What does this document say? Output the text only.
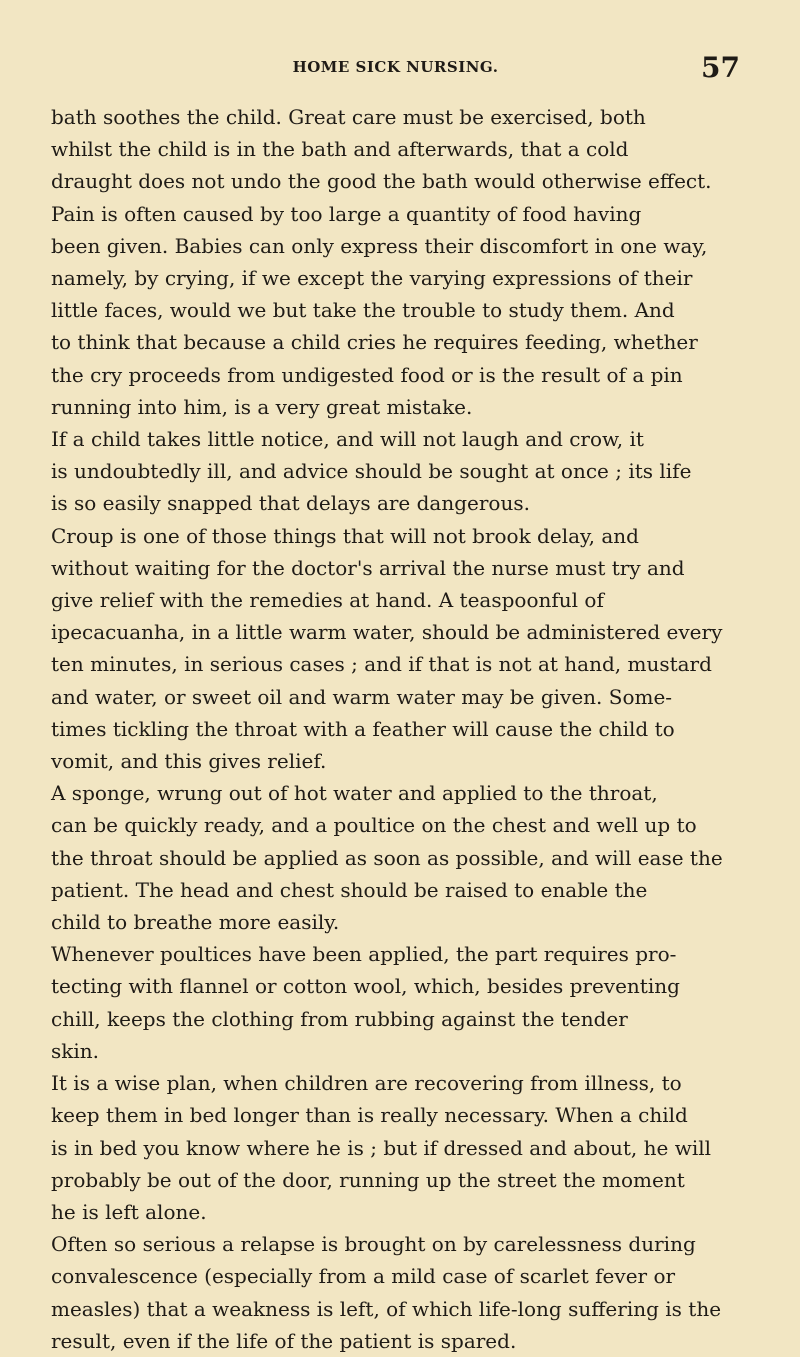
HOME SICK NURSING.	57
bath soothes the child. Great care must be exercised, both
whilst the child is in the bath and afterwards, that a cold
draught does not undo the good the bath would otherwise effect.
Pain is often caused by too large a quantity of food having
been given. Babies can only express their discomfort in one way,
namely, by crying, if we except the varying expressions of their
little faces, would we but take the trouble to study them. And
to think that because a child cries he requires feeding, whether
the cry proceeds from undigested food or is the result of a pin
running into him, is a very great mistake.
If a child takes little notice, and will not laugh and crow, it
is undoubtedly ill, and advice should be sought at once ; its life
is so easily snapped that delays are dangerous.
Croup is one of those things that will not brook delay, and
without waiting for the doctor's arrival the nurse must try and
give relief with the remedies at hand. A teaspoonful of
ipecacuanha, in a little warm water, should be administered every
ten minutes, in serious cases ; and if that is not at hand, mustard
and water, or sweet oil and warm water may be given. Some-
times tickling the throat with a feather will cause the child to
vomit, and this gives relief.
A sponge, wrung out of hot water and applied to the throat,
can be quickly ready, and a poultice on the chest and well up to
the throat should be applied as soon as possible, and will ease the
patient. The head and chest should be raised to enable the
child to breathe more easily.
Whenever poultices have been applied, the part requires pro-
tecting with flannel or cotton wool, which, besides preventing
chill, keeps the clothing from rubbing against the tender
skin.
It is a wise plan, when children are recovering from illness, to
keep them in bed longer than is really necessary. When a child
is in bed you know where he is ; but if dressed and about, he will
probably be out of the door, running up the street the moment
he is left alone.
Often so serious a relapse is brought on by carelessness during
convalescence (especially from a mild case of scarlet fever or
measles) that a weakness is left, of which life-long suffering is the
result, even if the life of the patient is spared.
